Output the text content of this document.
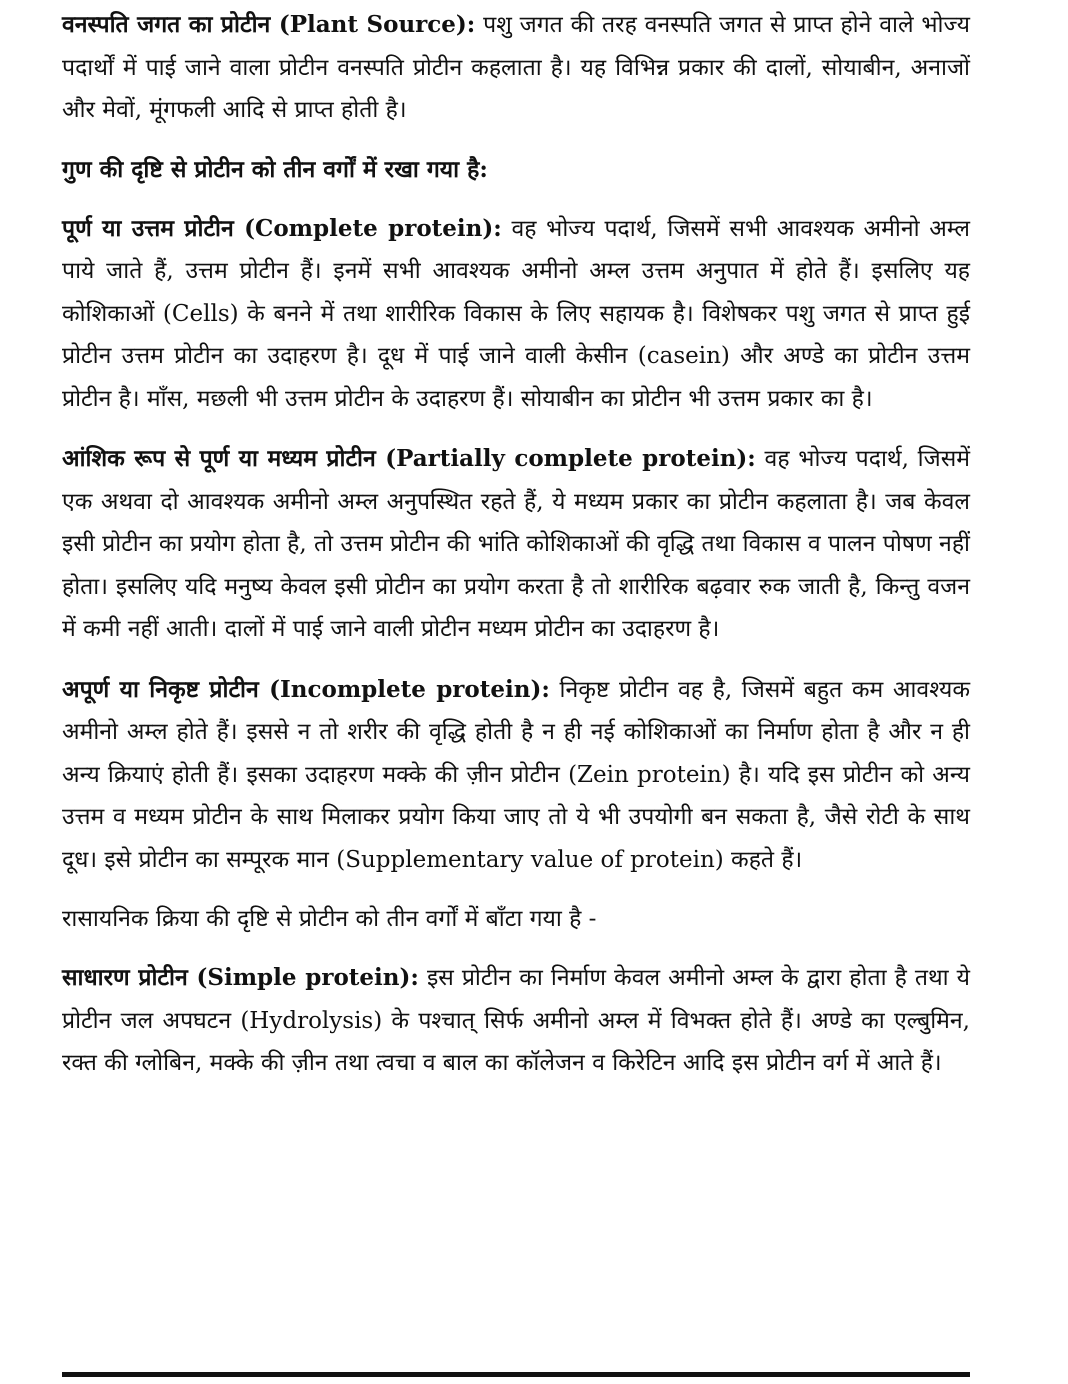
वनस्पति जगत का प्रोटीन (Plant Source): पशु जगत की तरह वनस्पति जगत से प्राप्त होने वाले भोज्य पदार्थों में पाई जाने वाला प्रोटीन वनस्पति प्रोटीन कहलाता है। यह विभिन्न प्रकार की दालों, सोयाबीन, अनाजों और मेवों, मूंगफली आदि से प्राप्त होती है।

गुण की दृष्टि से प्रोटीन को तीन वर्गों में रखा गया है:

पूर्ण या उत्तम प्रोटीन (Complete protein): वह भोज्य पदार्थ, जिसमें सभी आवश्यक अमीनो अम्ल पाये जाते हैं, उत्तम प्रोटीन हैं। इनमें सभी आवश्यक अमीनो अम्ल उत्तम अनुपात में होते हैं। इसलिए यह कोशिकाओं (Cells) के बनने में तथा शारीरिक विकास के लिए सहायक है। विशेषकर पशु जगत से प्राप्त हुई प्रोटीन उत्तम प्रोटीन का उदाहरण है। दूध में पाई जाने वाली केसीन (casein) और अण्डे का प्रोटीन उत्तम प्रोटीन है। माँस, मछली भी उत्तम प्रोटीन के उदाहरण हैं। सोयाबीन का प्रोटीन भी उत्तम प्रकार का है।

आंशिक रूप से पूर्ण या मध्यम प्रोटीन (Partially complete protein): वह भोज्य पदार्थ, जिसमें एक अथवा दो आवश्यक अमीनो अम्ल अनुपस्थित रहते हैं, ये मध्यम प्रकार का प्रोटीन कहलाता है। जब केवल इसी प्रोटीन का प्रयोग होता है, तो उत्तम प्रोटीन की भांति कोशिकाओं की वृद्धि तथा विकास व पालन पोषण नहीं होता। इसलिए यदि मनुष्य केवल इसी प्रोटीन का प्रयोग करता है तो शारीरिक बढ़वार रुक जाती है, किन्तु वजन में कमी नहीं आती। दालों में पाई जाने वाली प्रोटीन मध्यम प्रोटीन का उदाहरण है।

अपूर्ण या निकृष्ट प्रोटीन (Incomplete protein): निकृष्ट प्रोटीन वह है, जिसमें बहुत कम आवश्यक अमीनो अम्ल होते हैं। इससे न तो शरीर की वृद्धि होती है न ही नई कोशिकाओं का निर्माण होता है और न ही अन्य क्रियाएं होती हैं। इसका उदाहरण मक्के की ज़ीन प्रोटीन (Zein protein) है। यदि इस प्रोटीन को अन्य उत्तम व मध्यम प्रोटीन के साथ मिलाकर प्रयोग किया जाए तो ये भी उपयोगी बन सकता है, जैसे रोटी के साथ दूध। इसे प्रोटीन का सम्पूरक मान (Supplementary value of protein) कहते हैं।

रासायनिक क्रिया की दृष्टि से प्रोटीन को तीन वर्गों में बाँटा गया है -

साधारण प्रोटीन (Simple protein): इस प्रोटीन का निर्माण केवल अमीनो अम्ल के द्वारा होता है तथा ये प्रोटीन जल अपघटन (Hydrolysis) के पश्चात् सिर्फ अमीनो अम्ल में विभक्त होते हैं। अण्डे का एल्बुमिन, रक्त की ग्लोबिन, मक्के की ज़ीन तथा त्वचा व बाल का कॉलेजन व किरेटिन आदि इस प्रोटीन वर्ग में आते हैं।
